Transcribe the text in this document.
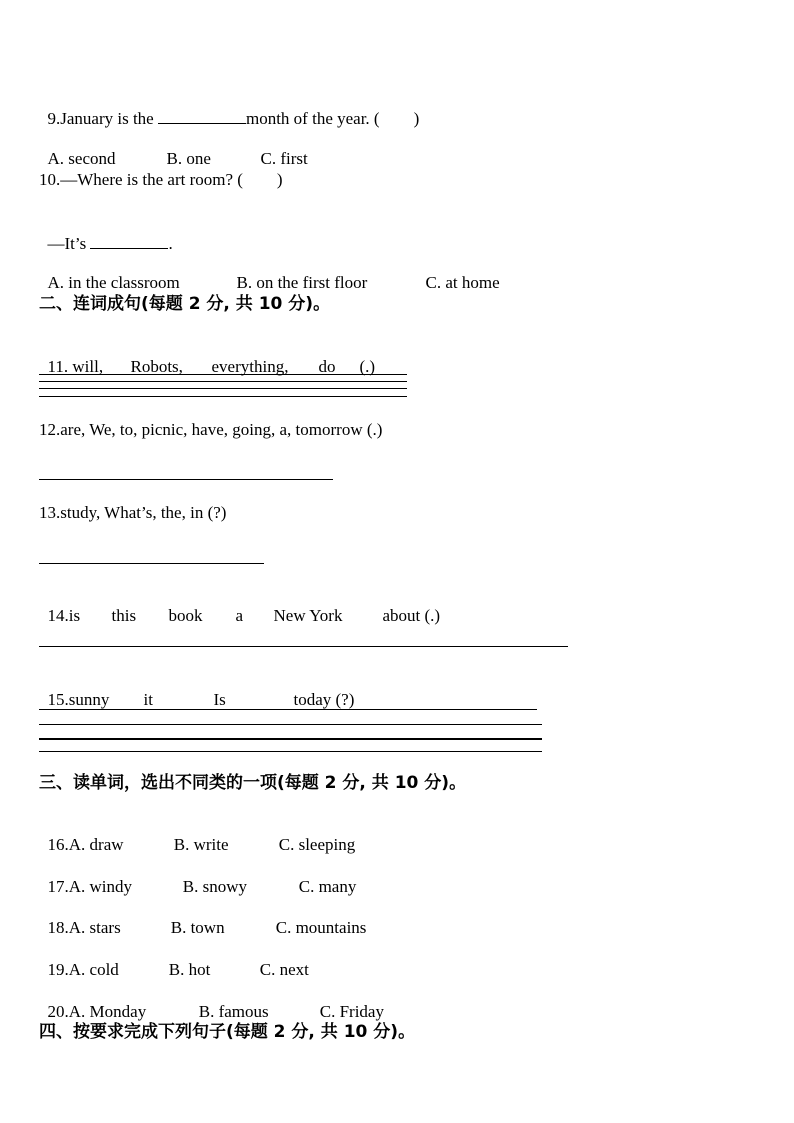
9.January is the	month of the year. (        )

A. second	B. one	C. first

10.—Where is the art room? (        )

—It’s	.

A. in the classroom	B. on the first floor	C. at home

二、连词成句(每题 2 分, 共 10 分)。

11. will, Robots, everything, do (.)

12.are, We, to, picnic, have, going, a, tomorrow (.)
13.study, What’s, the, in (?)

14.is this book a New York about (.)

15.sunny it	Is	today (?)

三、读单词，选出不同类的一项(每题 2 分, 共 10 分)。

16.A. draw	B. write	C. sleeping

17.A. windy	B. snowy	C. many

18.A. stars	B. town	C. mountains

19.A. cold	B. hot	C. next

20.A. Monday	B. famous	C. Friday

四、按要求完成下列句子(每题 2 分, 共 10 分)。
